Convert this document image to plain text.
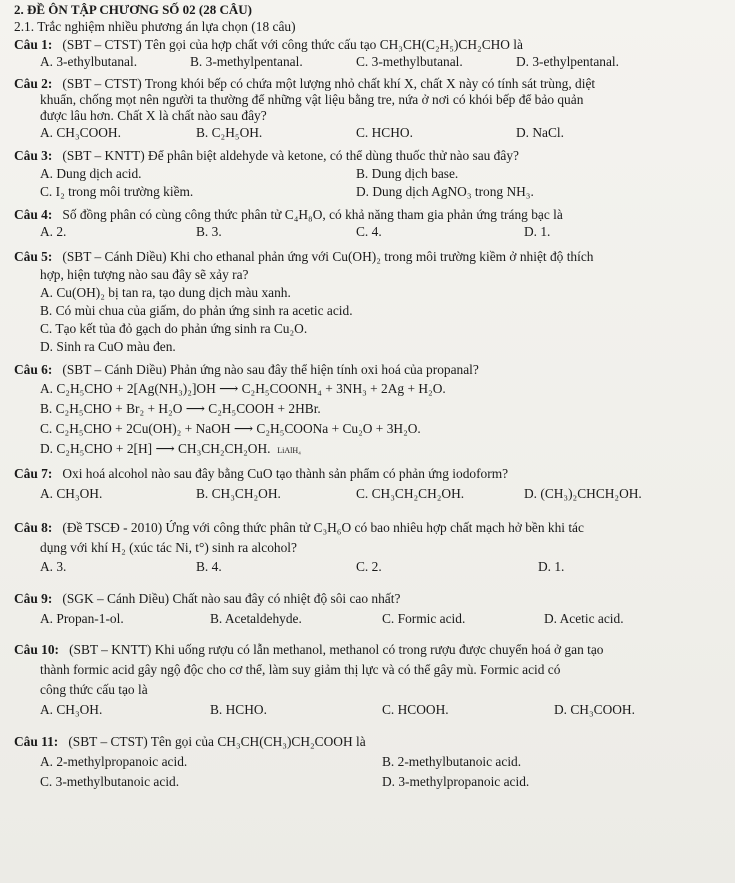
2. ĐỀ ÔN TẬP CHƯƠNG SỐ 02 (28 CÂU)
2.1. Trắc nghiệm nhiều phương án lựa chọn (18 câu)
Câu 1: (SBT – CTST) Tên gọi của hợp chất với công thức cấu tạo CH₃CH(C₂H₅)CH₂CHO là
A. 3-ethylbutanal.	B. 3-methylpentanal.	C. 3-methylbutanal.	D. 3-ethylpentanal.
Câu 2: (SBT – CTST) Trong khói bếp có chứa một lượng nhỏ chất khí X, chất X này có tính sát trùng, diệt
khuẩn, chống mọt nên người ta thường để những vật liệu bằng tre, nứa ở nơi có khói bếp để bảo quản
được lâu hơn. Chất X là chất nào sau đây?
A. CH₃COOH.	B. C₂H₅OH.	C. HCHO.	D. NaCl.
Câu 3: (SBT – KNTT) Để phân biệt aldehyde và ketone, có thể dùng thuốc thử nào sau đây?
A. Dung dịch acid.	B. Dung dịch base.
C. I₂ trong môi trường kiềm.	D. Dung dịch AgNO₃ trong NH₃.
Câu 4: Số đồng phân có cùng công thức phân tử C₄H₈O, có khả năng tham gia phản ứng tráng bạc là
A. 2.	B. 3.	C. 4.	D. 1.
Câu 5: (SBT – Cánh Diều) Khi cho ethanal phản ứng với Cu(OH)₂ trong môi trường kiềm ở nhiệt độ thích
hợp, hiện tượng nào sau đây sẽ xảy ra?
A. Cu(OH)₂ bị tan ra, tạo dung dịch màu xanh.
B. Có mùi chua của giấm, do phản ứng sinh ra acetic acid.
C. Tạo kết tủa đỏ gạch do phản ứng sinh ra Cu₂O.
D. Sinh ra CuO màu đen.
Câu 6: (SBT – Cánh Diều) Phản ứng nào sau đây thể hiện tính oxi hoá của propanal?
A. C₂H₅CHO + 2[Ag(NH₃)₂]OH ⟶ C₂H₅COONH₄ + 3NH₃ + 2Ag + H₂O.
B. C₂H₅CHO + Br₂ + H₂O ⟶ C₂H₅COOH + 2HBr.
C. C₂H₅CHO + 2Cu(OH)₂ + NaOH ⟶ C₂H₅COONa + Cu₂O + 3H₂O.
D. C₂H₅CHO + 2[H] ⟶ CH₃CH₂CH₂OH. LiAlH₄
Câu 7: Oxi hoá alcohol nào sau đây bằng CuO tạo thành sản phẩm có phản ứng iodoform?
A. CH₃OH.	B. CH₃CH₂OH.	C. CH₃CH₂CH₂OH.	D. (CH₃)₂CHCH₂OH.
Câu 8: (Đề TSCĐ - 2010) Ứng với công thức phân tử C₃H₆O có bao nhiêu hợp chất mạch hở bền khi tác
dụng với khí H₂ (xúc tác Ni, t°) sinh ra alcohol?
A. 3.	B. 4.	C. 2.	D. 1.
Câu 9: (SGK – Cánh Diều) Chất nào sau đây có nhiệt độ sôi cao nhất?
A. Propan-1-ol.	B. Acetaldehyde.	C. Formic acid.	D. Acetic acid.
Câu 10: (SBT – KNTT) Khi uống rượu có lẫn methanol, methanol có trong rượu được chuyển hoá ở gan tạo
thành formic acid gây ngộ độc cho cơ thể, làm suy giảm thị lực và có thể gây mù. Formic acid có
công thức cấu tạo là
A. CH₃OH.	B. HCHO.	C. HCOOH.	D. CH₃COOH.
Câu 11: (SBT – CTST) Tên gọi của CH₃CH(CH₃)CH₂COOH là
A. 2-methylpropanoic acid.	B. 2-methylbutanoic acid.
C. 3-methylbutanoic acid.	D. 3-methylpropanoic acid.
